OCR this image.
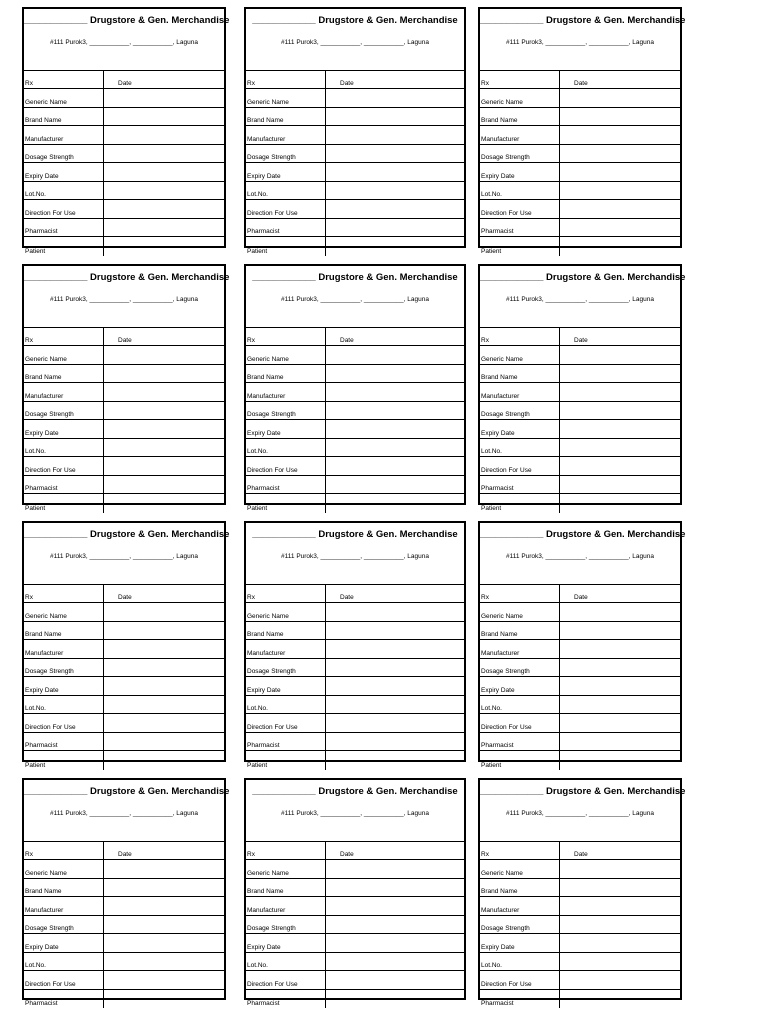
____________ Drugstore & Gen. Merchandise
#111 Purok3, ___________, ___________, Laguna
Rx	Date
Generic Name
Brand Name
Manufacturer
Dosage Strength
Expiry Date
Lot.No.
Direction For Use
Pharmacist
Patient
____________ Drugstore & Gen. Merchandise
#111 Purok3, ___________, ___________, Laguna
Rx	Date
Generic Name
Brand Name
Manufacturer
Dosage Strength
Expiry Date
Lot.No.
Direction For Use
Pharmacist
Patient
____________ Drugstore & Gen. Merchandise
#111 Purok3, ___________, ___________, Laguna
Rx	Date
Generic Name
Brand Name
Manufacturer
Dosage Strength
Expiry Date
Lot.No.
Direction For Use
Pharmacist
Patient
____________ Drugstore & Gen. Merchandise
#111 Purok3, ___________, ___________, Laguna
Rx	Date
Generic Name
Brand Name
Manufacturer
Dosage Strength
Expiry Date
Lot.No.
Direction For Use
Pharmacist
Patient
____________ Drugstore & Gen. Merchandise
#111 Purok3, ___________, ___________, Laguna
Rx	Date
Generic Name
Brand Name
Manufacturer
Dosage Strength
Expiry Date
Lot.No.
Direction For Use
Pharmacist
Patient
____________ Drugstore & Gen. Merchandise
#111 Purok3, ___________, ___________, Laguna
Rx	Date
Generic Name
Brand Name
Manufacturer
Dosage Strength
Expiry Date
Lot.No.
Direction For Use
Pharmacist
Patient
____________ Drugstore & Gen. Merchandise
#111 Purok3, ___________, ___________, Laguna
Rx	Date
Generic Name
Brand Name
Manufacturer
Dosage Strength
Expiry Date
Lot.No.
Direction For Use
Pharmacist
Patient
____________ Drugstore & Gen. Merchandise
#111 Purok3, ___________, ___________, Laguna
Rx	Date
Generic Name
Brand Name
Manufacturer
Dosage Strength
Expiry Date
Lot.No.
Direction For Use
Pharmacist
Patient
____________ Drugstore & Gen. Merchandise
#111 Purok3, ___________, ___________, Laguna
Rx	Date
Generic Name
Brand Name
Manufacturer
Dosage Strength
Expiry Date
Lot.No.
Direction For Use
Pharmacist
Patient
____________ Drugstore & Gen. Merchandise
#111 Purok3, ___________, ___________, Laguna
Rx	Date
Generic Name
Brand Name
Manufacturer
Dosage Strength
Expiry Date
Lot.No.
Direction For Use
Pharmacist
____________ Drugstore & Gen. Merchandise
#111 Purok3, ___________, ___________, Laguna
Rx	Date
Generic Name
Brand Name
Manufacturer
Dosage Strength
Expiry Date
Lot.No.
Direction For Use
Pharmacist
____________ Drugstore & Gen. Merchandise
#111 Purok3, ___________, ___________, Laguna
Rx	Date
Generic Name
Brand Name
Manufacturer
Dosage Strength
Expiry Date
Lot.No.
Direction For Use
Pharmacist
